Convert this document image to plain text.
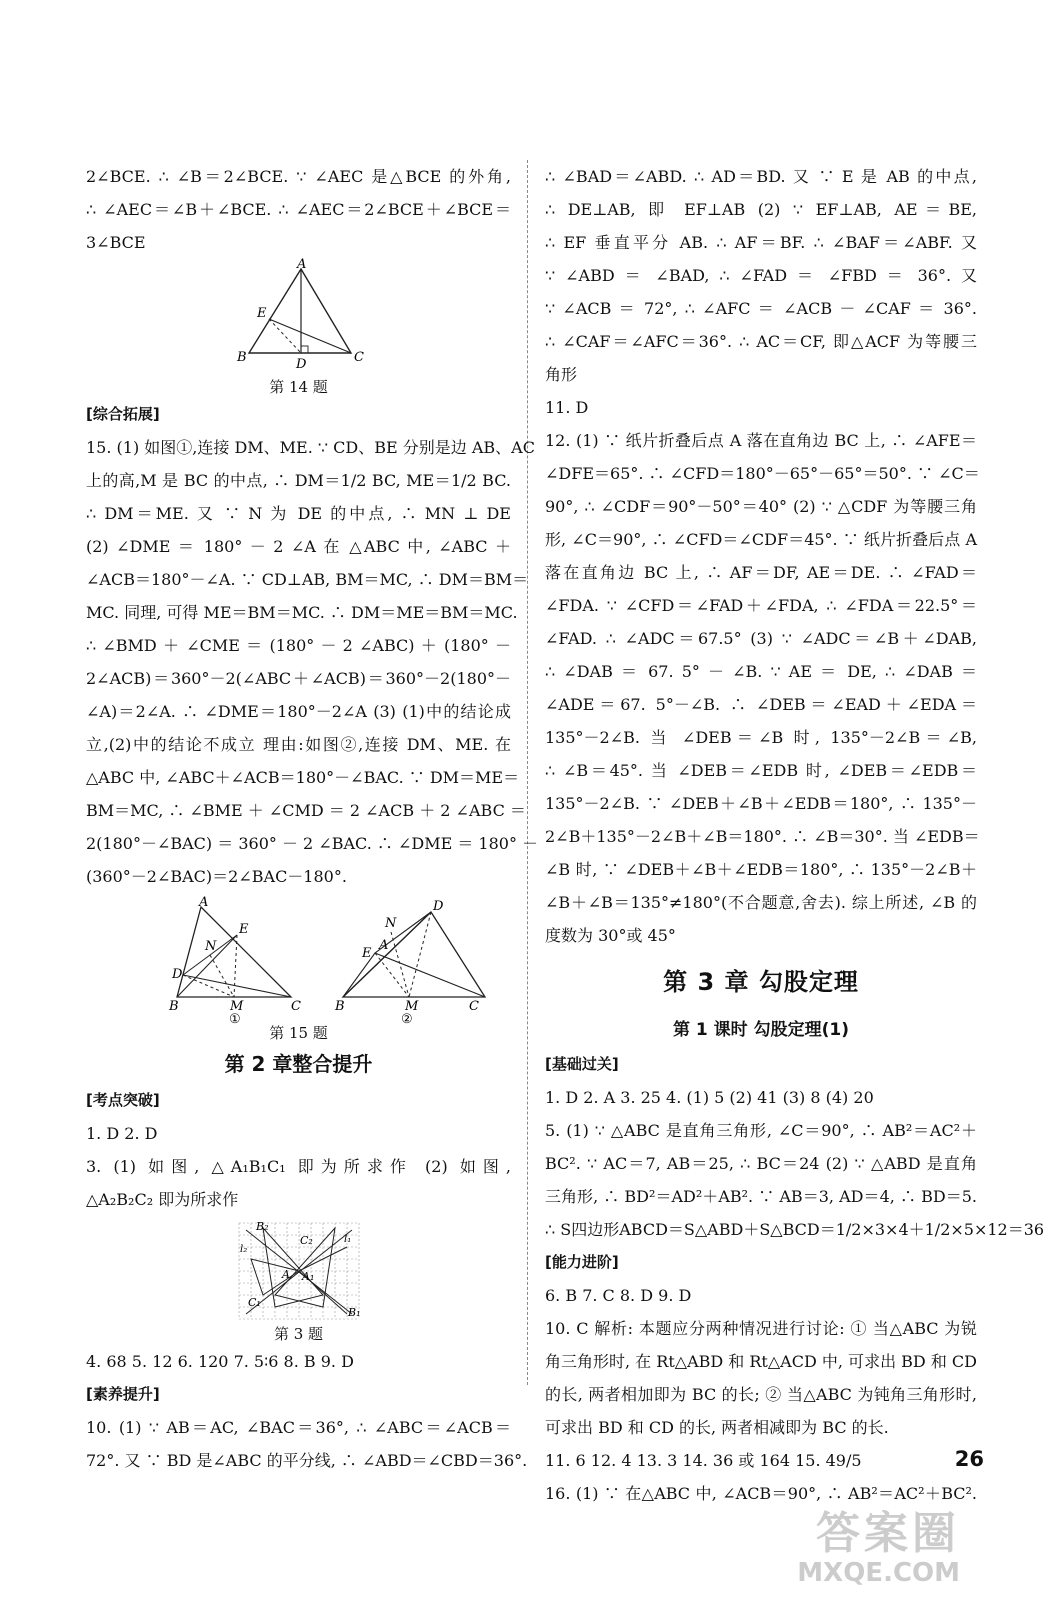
2∠BCE. ∴ ∠B＝2∠BCE. ∵ ∠AEC 是△BCE 的外角,
∴ ∠AEC＝∠B＋∠BCE. ∴ ∠AEC＝2∠BCE＋∠BCE＝
3∠BCE
A
E
B	D	C
第 14 题
[综合拓展]
15. (1) 如图①,连接 DM、ME. ∵ CD、BE 分别是边 AB、AC
上的高,M 是 BC 的中点, ∴ DM＝1/2 BC, ME＝1/2 BC.
∴ DM＝ME. 又 ∵ N 为 DE 的中点, ∴ MN ⊥ DE
(2) ∠DME ＝ 180° － 2 ∠A 在 △ABC 中, ∠ABC ＋
∠ACB＝180°－∠A. ∵ CD⊥AB, BM＝MC, ∴ DM＝BM＝
MC. 同理, 可得 ME＝BM＝MC. ∴ DM＝ME＝BM＝MC.
∴ ∠BMD ＋ ∠CME ＝ (180° － 2 ∠ABC) ＋ (180° －
2∠ACB)＝360°－2(∠ABC＋∠ACB)＝360°－2(180°－
∠A)＝2∠A. ∴ ∠DME＝180°－2∠A (3) (1)中的结论成
立,(2)中的结论不成立 理由:如图②,连接 DM、ME. 在
△ABC 中, ∠ABC＋∠ACB＝180°－∠BAC. ∵ DM＝ME＝
BM＝MC, ∴ ∠BME ＋ ∠CMD ＝ 2 ∠ACB ＋ 2 ∠ABC ＝
2(180°－∠BAC) ＝ 360° － 2 ∠BAC. ∴ ∠DME ＝ 180° －
(360°－2∠BAC)＝2∠BAC－180°.
A
N
E
D
B	M	C
①
D
N
A
E
B	M	C
②
第 15 题
第 2 章整合提升
[考点突破]
1. D 2. D
3. (1) 如图, △A₁B₁C₁ 即为所求作 (2) 如图,
△A₂B₂C₂ 即为所求作
B₂
C₂
l₂
l₁
A A₁
C₁
B₁
第 3 题
4. 68 5. 12 6. 120 7. 5∶6 8. B 9. D
[素养提升]
10. (1) ∵ AB＝AC, ∠BAC＝36°, ∴ ∠ABC＝∠ACB＝
72°. 又 ∵ BD 是∠ABC 的平分线, ∴ ∠ABD＝∠CBD＝36°.
∴ ∠BAD＝∠ABD. ∴ AD＝BD. 又 ∵ E 是 AB 的中点,
∴ DE⊥AB, 即 EF⊥AB (2) ∵ EF⊥AB, AE＝BE,
∴ EF 垂直平分 AB. ∴ AF＝BF. ∴ ∠BAF＝∠ABF. 又
∵ ∠ABD ＝ ∠BAD, ∴ ∠FAD ＝ ∠FBD ＝ 36°. 又
∵ ∠ACB ＝ 72°, ∴ ∠AFC ＝ ∠ACB － ∠CAF ＝ 36°.
∴ ∠CAF＝∠AFC＝36°. ∴ AC＝CF, 即△ACF 为等腰三
角形
11. D
12. (1) ∵ 纸片折叠后点 A 落在直角边 BC 上, ∴ ∠AFE＝
∠DFE＝65°. ∴ ∠CFD＝180°－65°－65°＝50°. ∵ ∠C＝
90°, ∴ ∠CDF＝90°－50°＝40° (2) ∵ △CDF 为等腰三角
形, ∠C＝90°, ∴ ∠CFD＝∠CDF＝45°. ∵ 纸片折叠后点 A
落在直角边 BC 上, ∴ AF＝DF, AE＝DE. ∴ ∠FAD＝
∠FDA. ∵ ∠CFD＝∠FAD＋∠FDA, ∴ ∠FDA＝22.5°＝
∠FAD. ∴ ∠ADC＝67.5° (3) ∵ ∠ADC＝∠B＋∠DAB,
∴ ∠DAB ＝ 67. 5° － ∠B. ∵ AE ＝ DE, ∴ ∠DAB ＝
∠ADE＝67. 5°－∠B. ∴ ∠DEB＝∠EAD＋∠EDA＝
135°－2∠B. 当 ∠DEB＝∠B 时, 135°－2∠B＝∠B,
∴ ∠B＝45°. 当 ∠DEB＝∠EDB 时, ∠DEB＝∠EDB＝
135°－2∠B. ∵ ∠DEB＋∠B＋∠EDB＝180°, ∴ 135°－
2∠B＋135°－2∠B＋∠B＝180°. ∴ ∠B＝30°. 当 ∠EDB＝
∠B 时, ∵ ∠DEB＋∠B＋∠EDB＝180°, ∴ 135°－2∠B＋
∠B＋∠B＝135°≠180°(不合题意,舍去). 综上所述, ∠B 的
度数为 30°或 45°
第 3 章 勾股定理
第 1 课时 勾股定理(1)
[基础过关]
1. D 2. A 3. 25 4. (1) 5 (2) 41 (3) 8 (4) 20
5. (1) ∵ △ABC 是直角三角形, ∠C＝90°, ∴ AB²＝AC²＋
BC². ∵ AC＝7, AB＝25, ∴ BC＝24 (2) ∵ △ABD 是直角
三角形, ∴ BD²＝AD²＋AB². ∵ AB＝3, AD＝4, ∴ BD＝5.
∴ S四边形ABCD＝S△ABD＋S△BCD＝1/2×3×4＋1/2×5×12＝36
[能力进阶]
6. B 7. C 8. D 9. D
10. C 解析: 本题应分两种情况进行讨论: ① 当△ABC 为锐
角三角形时, 在 Rt△ABD 和 Rt△ACD 中, 可求出 BD 和 CD
的长, 两者相加即为 BC 的长; ② 当△ABC 为钝角三角形时,
可求出 BD 和 CD 的长, 两者相减即为 BC 的长.
11. 6 12. 4 13. 3 14. 36 或 164 15. 49/5
16. (1) ∵ 在△ABC 中, ∠ACB＝90°, ∴ AB²＝AC²＋BC².
26
答案圈
MXQE.COM
